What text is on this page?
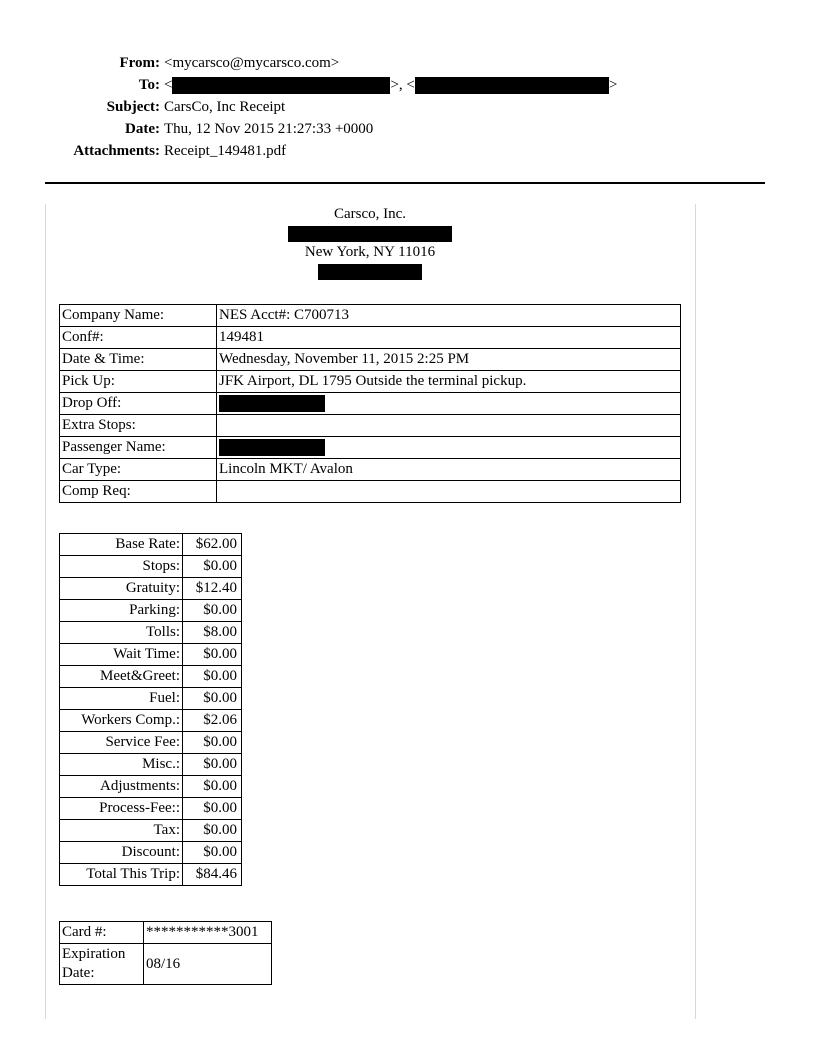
From: <mycarsco@mycarsco.com>
To: <	>, <	>
Subject: CarsCo, Inc Receipt
Date: Thu, 12 Nov 2015 21:27:33 +0000
Attachments: Receipt_149481.pdf
Carsco, Inc.
New York, NY 11016
Company Name:	NES Acct#: C700713
Conf#:	149481
Date & Time:	Wednesday, November 11, 2015 2:25 PM
Pick Up:	JFK Airport, DL 1795 Outside the terminal pickup.
Drop Off:	
Extra Stops:	
Passenger Name:	
Car Type:	Lincoln MKT/ Avalon
Comp Req:	
Base Rate:	$62.00
Stops:	$0.00
Gratuity:	$12.40
Parking:	$0.00
Tolls:	$8.00
Wait Time:	$0.00
Meet&Greet:	$0.00
Fuel:	$0.00
Workers Comp.:	$2.06
Service Fee:	$0.00
Misc.:	$0.00
Adjustments:	$0.00
Process-Fee::	$0.00
Tax:	$0.00
Discount:	$0.00
Total This Trip:	$84.46
Card #:	***********3001
Expiration Date:	08/16
